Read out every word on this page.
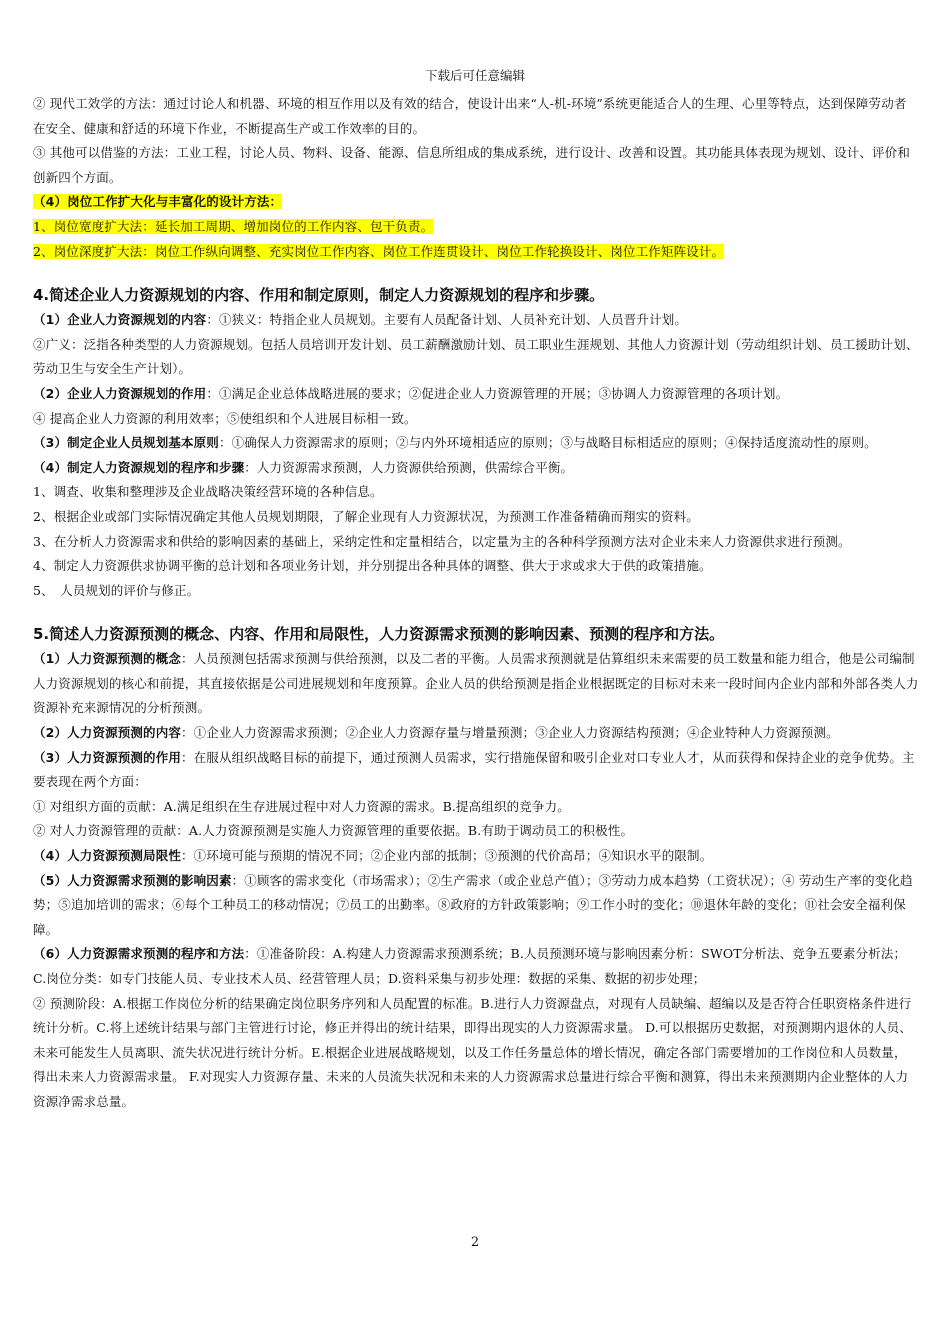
下载后可任意编辑

② 现代工效学的方法：通过讨论人和机器、环境的相互作用以及有效的结合，使设计出来“人-机-环境”系统更能适合人的生理、心里等特点，达到保障劳动者在安全、健康和舒适的环境下作业，不断提高生产或工作效率的目的。

③ 其他可以借鉴的方法：工业工程，讨论人员、物料、设备、能源、信息所组成的集成系统，进行设计、改善和设置。其功能具体表现为规划、设计、评价和创新四个方面。

（4）岗位工作扩大化与丰富化的设计方法：

1、岗位宽度扩大法：延长加工周期、增加岗位的工作内容、包干负责。

2、岗位深度扩大法：岗位工作纵向调整、充实岗位工作内容、岗位工作连贯设计、岗位工作轮换设计、岗位工作矩阵设计。

4.简述企业人力资源规划的内容、作用和制定原则，制定人力资源规划的程序和步骤。

（1）企业人力资源规划的内容：①狭义：特指企业人员规划。主要有人员配备计划、人员补充计划、人员晋升计划。

②广义：泛指各种类型的人力资源规划。包括人员培训开发计划、员工薪酬激励计划、员工职业生涯规划、其他人力资源计划（劳动组织计划、员工援助计划、劳动卫生与安全生产计划）。

（2）企业人力资源规划的作用：①满足企业总体战略进展的要求；②促进企业人力资源管理的开展；③协调人力资源管理的各项计划。

④ 提高企业人力资源的利用效率；⑤使组织和个人进展目标相一致。

（3）制定企业人员规划基本原则：①确保人力资源需求的原则；②与内外环境相适应的原则；③与战略目标相适应的原则；④保持适度流动性的原则。

（4）制定人力资源规划的程序和步骤：人力资源需求预测，人力资源供给预测，供需综合平衡。

1、调查、收集和整理涉及企业战略决策经营环境的各种信息。

2、根据企业或部门实际情况确定其他人员规划期限，了解企业现有人力资源状况，为预测工作准备精确而翔实的资料。

3、在分析人力资源需求和供给的影响因素的基础上，采纳定性和定量相结合，以定量为主的各种科学预测方法对企业未来人力资源供求进行预测。

4、制定人力资源供求协调平衡的总计划和各项业务计划，并分别提出各种具体的调整、供大于求或求大于供的政策措施。

5、　人员规划的评价与修正。

5.简述人力资源预测的概念、内容、作用和局限性，人力资源需求预测的影响因素、预测的程序和方法。

（1）人力资源预测的概念：人员预测包括需求预测与供给预测，以及二者的平衡。人员需求预测就是估算组织未来需要的员工数量和能力组合，他是公司编制人力资源规划的核心和前提，其直接依据是公司进展规划和年度预算。企业人员的供给预测是指企业根据既定的目标对未来一段时间内企业内部和外部各类人力资源补充来源情况的分析预测。

（2）人力资源预测的内容：①企业人力资源需求预测；②企业人力资源存量与增量预测；③企业人力资源结构预测；④企业特种人力资源预测。

（3）人力资源预测的作用：在服从组织战略目标的前提下，通过预测人员需求，实行措施保留和吸引企业对口专业人才，从而获得和保持企业的竞争优势。主要表现在两个方面：

① 对组织方面的贡献：A.满足组织在生存进展过程中对人力资源的需求。B.提高组织的竞争力。

② 对人力资源管理的贡献：A.人力资源预测是实施人力资源管理的重要依据。B.有助于调动员工的积极性。

（4）人力资源预测局限性：①环境可能与预期的情况不同；②企业内部的抵制；③预测的代价高昂；④知识水平的限制。

（5）人力资源需求预测的影响因素：①顾客的需求变化（市场需求）；②生产需求（或企业总产值）；③劳动力成本趋势（工资状况）；④ 劳动生产率的变化趋势；⑤追加培训的需求；⑥每个工种员工的移动情况；⑦员工的出勤率。⑧政府的方针政策影响；⑨工作小时的变化；⑩退休年龄的变化；⑪社会安全福利保障。

（6）人力资源需求预测的程序和方法：①准备阶段：A.构建人力资源需求预测系统；B.人员预测环境与影响因素分析：SWOT分析法、竞争五要素分析法；C.岗位分类：如专门技能人员、专业技术人员、经营管理人员；D.资料采集与初步处理：数据的采集、数据的初步处理；

② 预测阶段：A.根据工作岗位分析的结果确定岗位职务序列和人员配置的标准。B.进行人力资源盘点，对现有人员缺编、超编以及是否符合任职资格条件进行统计分析。C.将上述统计结果与部门主管进行讨论，修正并得出的统计结果，即得出现实的人力资源需求量。 D.可以根据历史数据，对预测期内退休的人员、未来可能发生人员离职、流失状况进行统计分析。E.根据企业进展战略规划，以及工作任务量总体的增长情况，确定各部门需要增加的工作岗位和人员数量，得出未来人力资源需求量。 F.对现实人力资源存量、未来的人员流失状况和未来的人力资源需求总量进行综合平衡和测算，得出未来预测期内企业整体的人力资源净需求总量。

2
